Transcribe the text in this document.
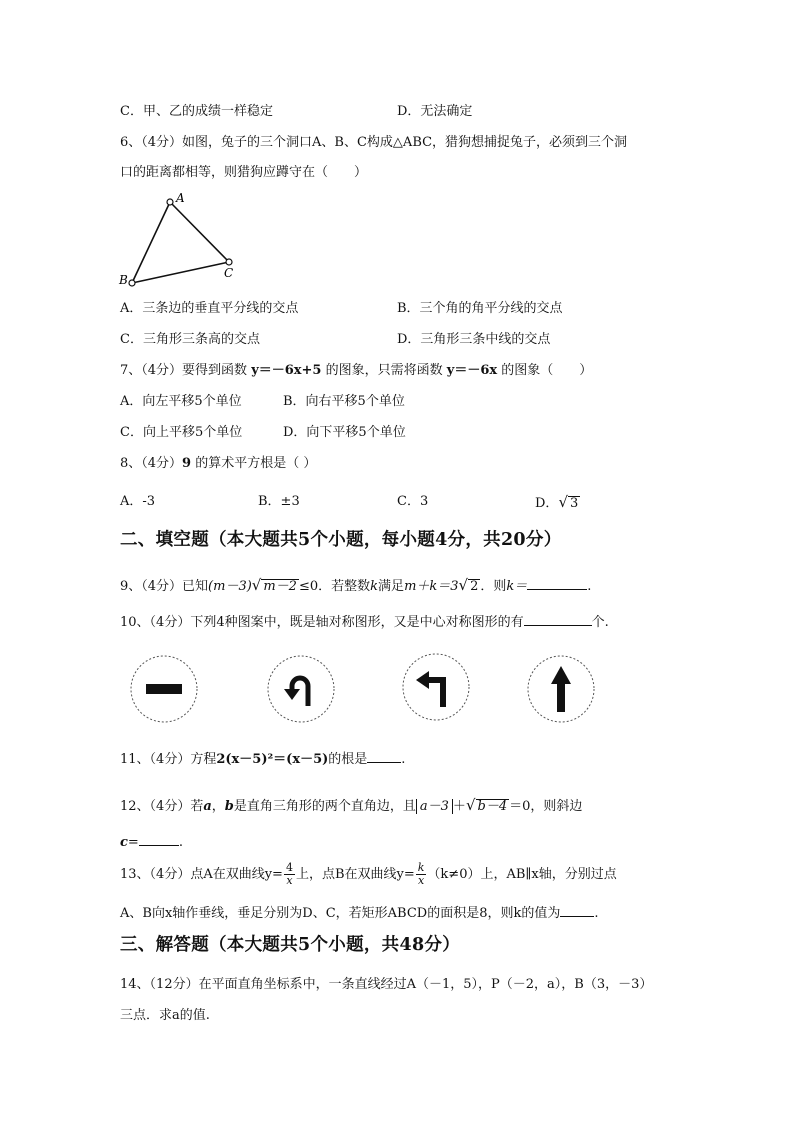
C．甲、乙的成绩一样稳定	D．无法确定
6、（4分）如图，兔子的三个洞口A、B、C构成△ABC，猎狗想捕捉兔子，必须到三个洞
口的距离都相等，则猎狗应蹲守在（　　）
A
B	C
A．三条边的垂直平分线的交点	B．三个角的角平分线的交点
C．三角形三条高的交点	D．三角形三条中线的交点
7、（4分）要得到函数 y＝－6x+5 的图象，只需将函数 y＝－6x 的图象（　　）
A．向左平移5个单位	B．向右平移5个单位
C．向上平移5个单位	D．向下平移5个单位
8、（4分）9 的算术平方根是（ ）
A．-3	B．±3	C．3	D．√ 3
二、填空题（本大题共5个小题，每小题4分，共20分）
9、（4分）已知(m－3)√ m－2 ≤0．若整数k满足m＋k＝3√ 2 ．则k＝	.
10、（4分）下列4种图案中，既是轴对称图形，又是中心对称图形的有	个.
11、（4分）方程2(x－5)²＝(x－5)的根是	.
12、（4分）若a，b是直角三角形的两个直角边，且 a－3 ＋√ b－4 ＝0，则斜边
c=	.
13、（4分）点A在双曲线$y= \frac{4}{x}$ 上，点B在双曲线$y= \frac{k}{x} (k\ne 0)$上，AB∥x轴，分别过点
A、B向x轴作垂线，垂足分别为D、C，若矩形ABCD的面积是8，则k的值为	.
三、解答题（本大题共5个小题，共48分）
14、（12分）在平面直角坐标系中，一条直线经过A（－1，5），P（－2，a），B（3，－3）
三点．求a的值.
